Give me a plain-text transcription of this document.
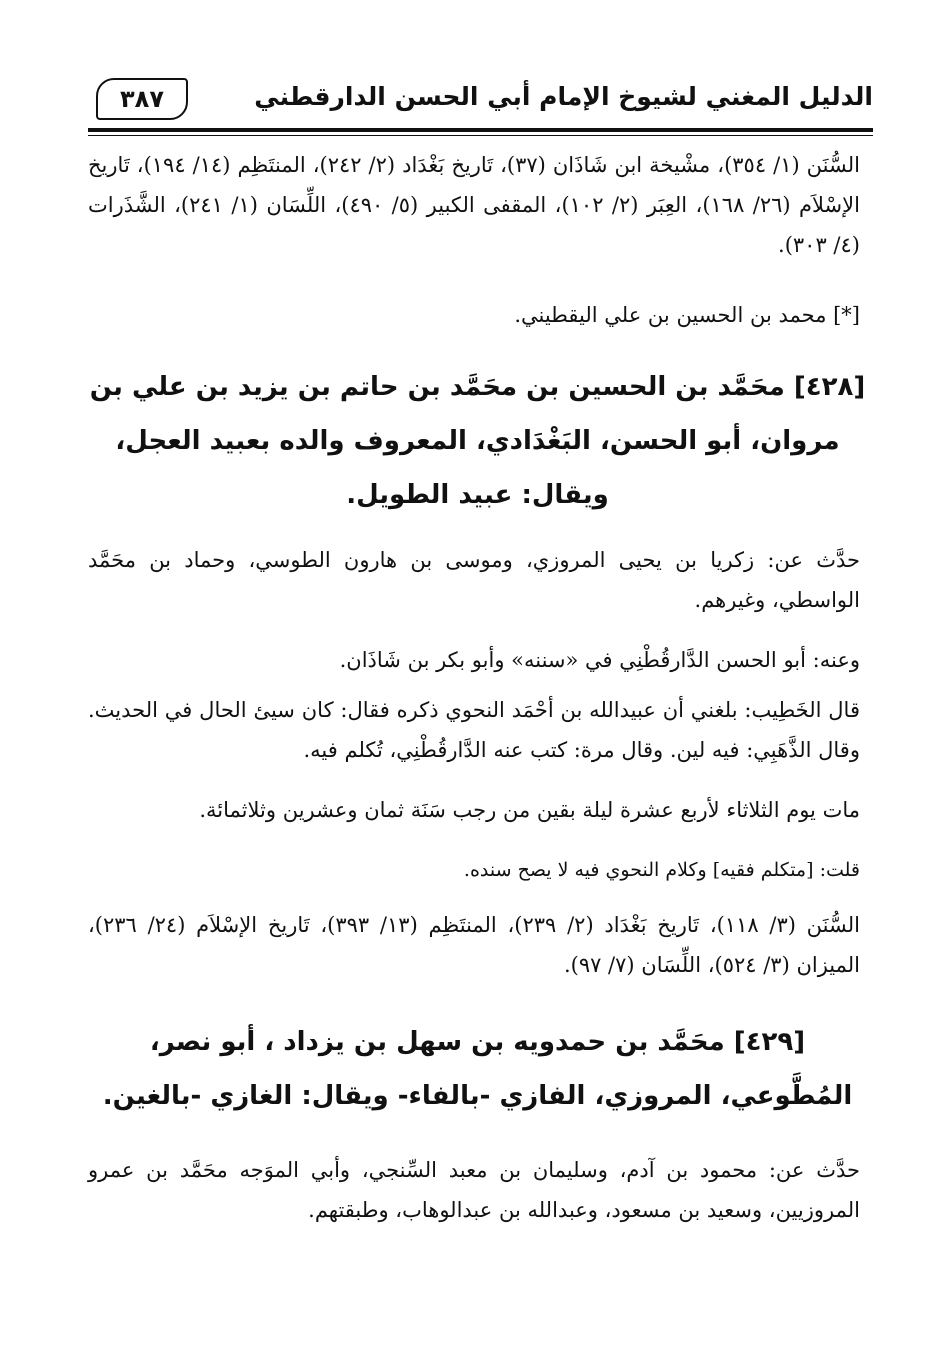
الدليل المغني لشيوخ الإمام أبي الحسن الدارقطني
٣٨٧
السُّنَن (١/ ٣٥٤)، مشْيخة ابن شَاذَان (٣٧)، تَاريخ بَغْدَاد (٢/ ٢٤٢)، المنتَظِم (١٤/ ١٩٤)، تَاريخ الإسْلاَم (٢٦/ ١٦٨)، العِبَر (٢/ ١٠٢)، المقفى الكبير (٥/ ٤٩٠)، اللِّسَان (١/ ٢٤١)، الشَّذَرات (٤/ ٣٠٣).
[*] محمد بن الحسين بن علي اليقطيني.
[٤٢٨] محَمَّد بن الحسين بن محَمَّد بن حاتم بن يزيد بن علي بن مروان، أبو الحسن، البَغْدَادي، المعروف والده بعبيد العجل، ويقال: عبيد الطويل.

حدَّث عن: زكريا بن يحيى المروزي، وموسى بن هارون الطوسي، وحماد بن محَمَّد الواسطي، وغيرهم.

وعنه: أبو الحسن الدَّارقُطْنِي في «سننه» وأبو بكر بن شَاذَان.

قال الخَطِيب: بلغني أن عبيدالله بن أحْمَد النحوي ذكره فقال: كان سيئ الحال في الحديث. وقال الذَّهَبِي: فيه لين. وقال مرة: كتب عنه الدَّارقُطْنِي، تُكلم فيه.

مات يوم الثلاثاء لأربع عشرة ليلة بقين من رجب سَنَة ثمان وعشرين وثلاثمائة.

قلت: [متكلم فقيه] وكلام النحوي فيه لا يصح سنده.

السُّنَن (٣/ ١١٨)، تَاريخ بَغْدَاد (٢/ ٢٣٩)، المنتَظِم (١٣/ ٣٩٣)، تَاريخ الإسْلاَم (٢٤/ ٢٣٦)، الميزان (٣/ ٥٢٤)، اللِّسَان (٧/ ٩٧).

[٤٢٩] محَمَّد بن حمدويه بن سهل بن يزداد ، أبو نصر، المُطَّوعي، المروزي، الفازي -بالفاء- ويقال: الغازي -بالغين.

حدَّث عن: محمود بن آدم، وسليمان بن معبد السِّنجي، وأبي الموَجه محَمَّد بن عمرو المروزيين، وسعيد بن مسعود، وعبدالله بن عبدالوهاب، وطبقتهم.
